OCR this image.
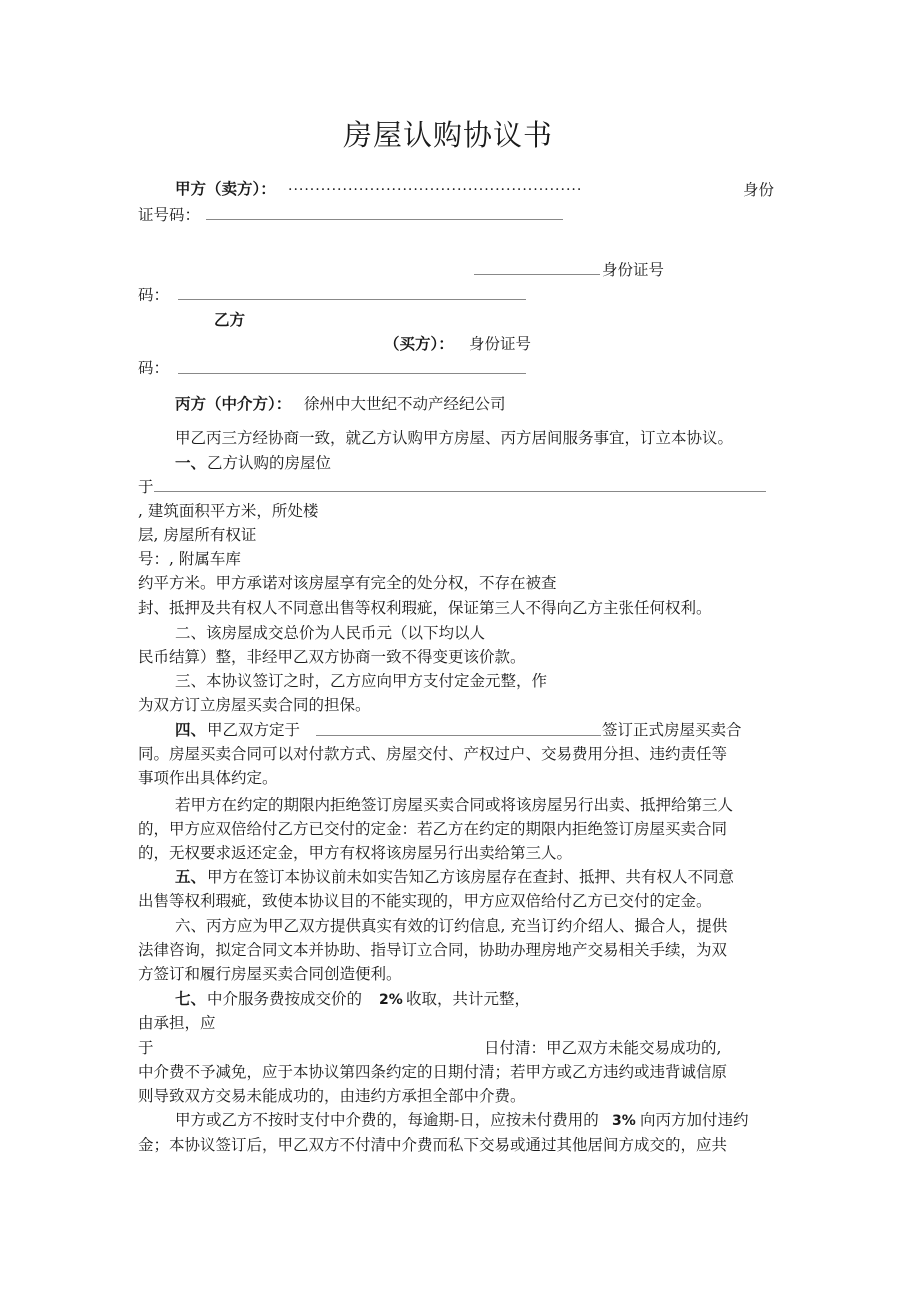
房屋认购协议书
甲方（卖方）： ......................................................	身份
证号码：
身份证号
码：
乙方
（买方）： 身份证号
码：
丙方（中介方）： 徐州中大世纪不动产经纪公司
甲乙丙三方经协商一致，就乙方认购甲方房屋、丙方居间服务事宜，订立本协议。
一、 乙方认购的房屋位
于
, 建筑面积平方米，所处楼
层, 房屋所有权证
号：, 附属车库
约平方米。甲方承诺对该房屋享有完全的处分权，不存在被查
封、抵押及共有权人不同意出售等权利瑕疵，保证第三人不得向乙方主张任何权利。
二、该房屋成交总价为人民币元（以下均以人
民币结算）整，非经甲乙双方协商一致不得变更该价款。
三、本协议签订之时，乙方应向甲方支付定金元整，作
为双方订立房屋买卖合同的担保。
四、 甲乙双方定于	签订正式房屋买卖合
同。房屋买卖合同可以对付款方式、房屋交付、产权过户、交易费用分担、违约责任等
事项作出具体约定。
若甲方在约定的期限内拒绝签订房屋买卖合同或将该房屋另行出卖、抵押给第三人
的，甲方应双倍给付乙方已交付的定金：若乙方在约定的期限内拒绝签订房屋买卖合同
的，无权要求返还定金，甲方有权将该房屋另行出卖给第三人。
五、 甲方在签订本协议前未如实告知乙方该房屋存在查封、抵押、共有权人不同意
出售等权利瑕疵，致使本协议目的不能实现的，甲方应双倍给付乙方已交付的定金。
六、丙方应为甲乙双方提供真实有效的订约信息, 充当订约介绍人、撮合人，提供
法律咨询，拟定合同文本并协助、指导订立合同，协助办理房地产交易相关手续，为双
方签订和履行房屋买卖合同创造便利。
七、 中介服务费按成交价的 2% 收取，共计元整，
由承担，应
于	日付清：甲乙双方未能交易成功的,
中介费不予减免，应于本协议第四条约定的日期付清；若甲方或乙方违约或违背诚信原
则导致双方交易未能成功的，由违约方承担全部中介费。
甲方或乙方不按时支付中介费的，每逾期-日，应按未付费用的 3% 向丙方加付违约
金；本协议签订后，甲乙双方不付清中介费而私下交易或通过其他居间方成交的，应共
